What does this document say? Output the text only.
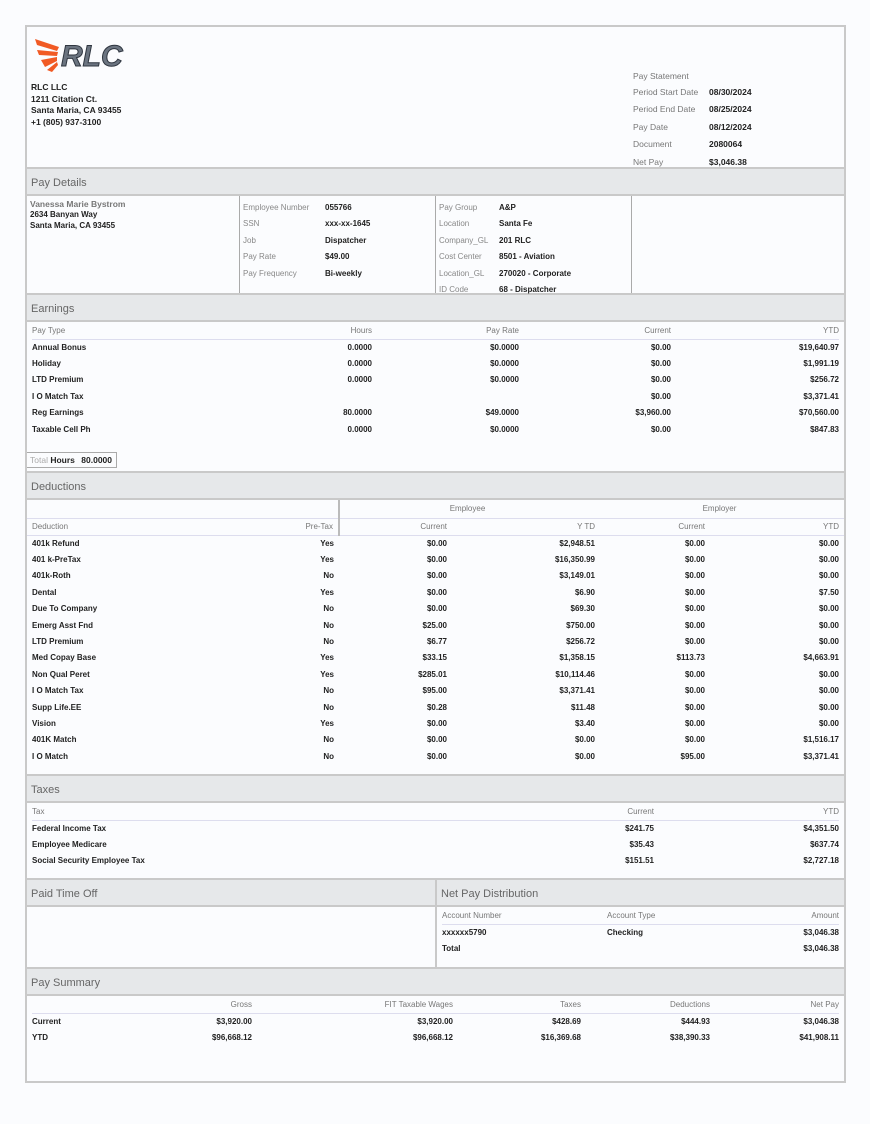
RLC
RLC LLC
1211 Citation Ct.
Santa Maria, CA 93455
+1 (805) 937-3100
Pay Statement
Period Start Date	08/30/2024
Period End Date	08/25/2024
Pay Date	08/12/2024
Document	2080064
Net Pay	$3,046.38
Pay Details
Vanessa Marie Bystrom
2634 Banyan Way
Santa Maria, CA 93455
Employee Number	055766
SSN	xxx-xx-1645
Job	Dispatcher
Pay Rate	$49.00
Pay Frequency	Bi-weekly
Pay Group	A&P
Location	Santa Fe
Company_GL	201 RLC
Cost Center	8501 - Aviation
Location_GL	270020 - Corporate
ID Code	68 - Dispatcher
Earnings
Pay Type	Hours	Pay Rate	Current	YTD
Annual Bonus	0.0000	$0.0000	$0.00	$19,640.97
Holiday	0.0000	$0.0000	$0.00	$1,991.19
LTD Premium	0.0000	$0.0000	$0.00	$256.72
I O Match Tax			$0.00	$3,371.41
Reg Earnings	80.0000	$49.0000	$3,960.00	$70,560.00
Taxable Cell Ph	0.0000	$0.0000	$0.00	$847.83
Total Hours 80.0000
Deductions
		Employee		Employer	
Deduction	Pre-Tax	Current	Y TD	Current	YTD
401k Refund	Yes	$0.00	$2,948.51	$0.00	$0.00
401 k-PreTax	Yes	$0.00	$16,350.99	$0.00	$0.00
401k-Roth	No	$0.00	$3,149.01	$0.00	$0.00
Dental	Yes	$0.00	$6.90	$0.00	$7.50
Due To Company	No	$0.00	$69.30	$0.00	$0.00
Emerg Asst Fnd	No	$25.00	$750.00	$0.00	$0.00
LTD Premium	No	$6.77	$256.72	$0.00	$0.00
Med Copay Base	Yes	$33.15	$1,358.15	$113.73	$4,663.91
Non Qual Peret	Yes	$285.01	$10,114.46	$0.00	$0.00
I O Match Tax	No	$95.00	$3,371.41	$0.00	$0.00
Supp Life.EE	No	$0.28	$11.48	$0.00	$0.00
Vision	Yes	$0.00	$3.40	$0.00	$0.00
401K Match	No	$0.00	$0.00	$0.00	$1,516.17
I O Match	No	$0.00	$0.00	$95.00	$3,371.41
Taxes
Tax	Current	YTD
Federal Income Tax	$241.75	$4,351.50
Employee Medicare	$35.43	$637.74
Social Security Employee Tax	$151.51	$2,727.18
Paid Time Off	Net Pay Distribution
Account Number	Account Type	Amount
xxxxxx5790	Checking	$3,046.38
Total		$3,046.38
Pay Summary
	Gross	FIT Taxable Wages	Taxes	Deductions	Net Pay
Current	$3,920.00	$3,920.00	$428.69	$444.93	$3,046.38
YTD	$96,668.12	$96,668.12	$16,369.68	$38,390.33	$41,908.11
